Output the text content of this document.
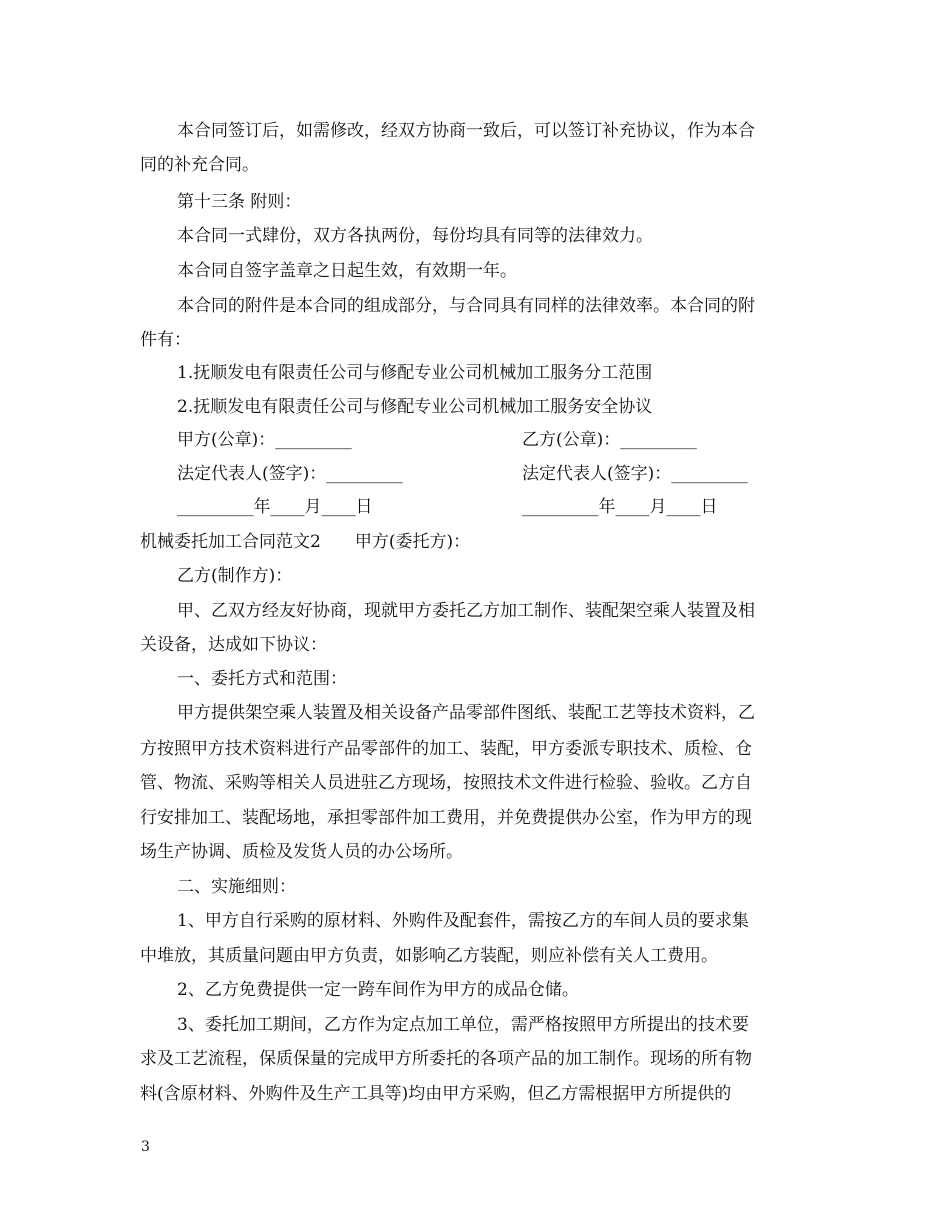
本合同签订后，如需修改，经双方协商一致后，可以签订补充协议，作为本合
同的补充合同。
第十三条 附则：
本合同一式肆份，双方各执两份，每份均具有同等的法律效力。
本合同自签字盖章之日起生效，有效期一年。
本合同的附件是本合同的组成部分，与合同具有同样的法律效率。本合同的附
件有：
1.抚顺发电有限责任公司与修配专业公司机械加工服务分工范围
2.抚顺发电有限责任公司与修配专业公司机械加工服务安全协议
甲方(公章)：_________	乙方(公章)：_________
法定代表人(签字)：_________	法定代表人(签字)：_________
_________年____月____日	_________年____月____日
机械委托加工合同范文2　　甲方(委托方)：
乙方(制作方)：
甲、乙双方经友好协商，现就甲方委托乙方加工制作、装配架空乘人装置及相
关设备，达成如下协议：
一、委托方式和范围：
甲方提供架空乘人装置及相关设备产品零部件图纸、装配工艺等技术资料，乙
方按照甲方技术资料进行产品零部件的加工、装配，甲方委派专职技术、质检、仓
管、物流、采购等相关人员进驻乙方现场，按照技术文件进行检验、验收。乙方自
行安排加工、装配场地，承担零部件加工费用，并免费提供办公室，作为甲方的现
场生产协调、质检及发货人员的办公场所。
二、实施细则：
1、甲方自行采购的原材料、外购件及配套件，需按乙方的车间人员的要求集
中堆放，其质量问题由甲方负责，如影响乙方装配，则应补偿有关人工费用。
2、乙方免费提供一定一跨车间作为甲方的成品仓储。
3、委托加工期间，乙方作为定点加工单位，需严格按照甲方所提出的技术要
求及工艺流程，保质保量的完成甲方所委托的各项产品的加工制作。现场的所有物
料(含原材料、外购件及生产工具等)均由甲方采购，但乙方需根据甲方所提供的
3
